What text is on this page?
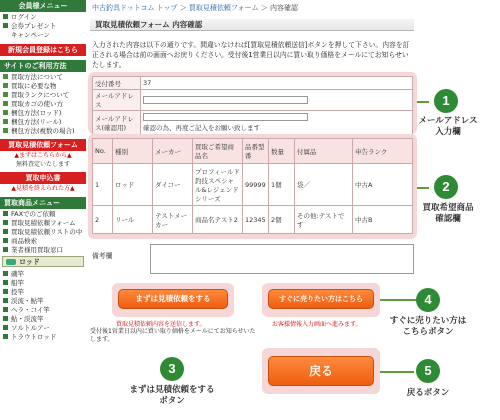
会員様メニュー
ログイン
会券プレゼント
キャンペーン
新規会員登録はこちら
サイトのご利用方法
買取方法について
買取に必要な物
買取ランクについて
買取カゴの使い方
梱包方法(ロッド)
梱包方法(リール)
梱包方法(複数の場合)
買取見積依頼フォーム
▲まずはこちらから▲
無料査定いたします
買取申込書
▲見積を終えられた方▲
買取商品メニュー
FAXでのご依頼
買取見積依頼フォーム
買取見積依頼リストの中
商品検索
業者様用買取窓口
ロッド
磯竿
船竿
投竿
渓流・鮎竿
ヘラ・コイ竿
鮎・渓流竿
ソルトルアー
トラウトロッド
中古釣具ドットコム トップ ＞ 買取見積依頼フォーム ＞ 内容確認
買取見積依頼フォーム 内容確認
入力された内容は以下の通りです。間違いなければ[買取見積依頼送信]ボタンを押して下さい。内容を訂正される場合は前の画面へお戻りください。受付後1営業日以内に買い取り価格をメールにてお知らせいたします。
受付番号	37
メールアドレス	
メールアドレス(確認用)	確認の為、再度ご記入をお願い致します
No.	種別	メーカー	買取ご希望商品名	品番型番	数量	付属品	申告ランク
1	ロッド	ダイコー	プロフィールド釣技スペシャル&レジェンド シリーズ	99999	1個	袋／	中古A
2	リール	テストメーカー	商品名テスト2	12345	2個	その他:テストです	中古B
備考欄
まずは見積依頼をする
買取見積依頼内容を送信します。
受付後1営業日以内に買い取り価格をメールにてお知らせいたします。
すぐに売りたい方はこちら
お客様情報入力画面へ進みます。
戻る
1
メールアドレス
入力欄
2
買取希望商品
確認欄
3
まずは見積依頼をする
ボタン
4
すぐに売りたい方は
こちらボタン
5
戻るボタン
